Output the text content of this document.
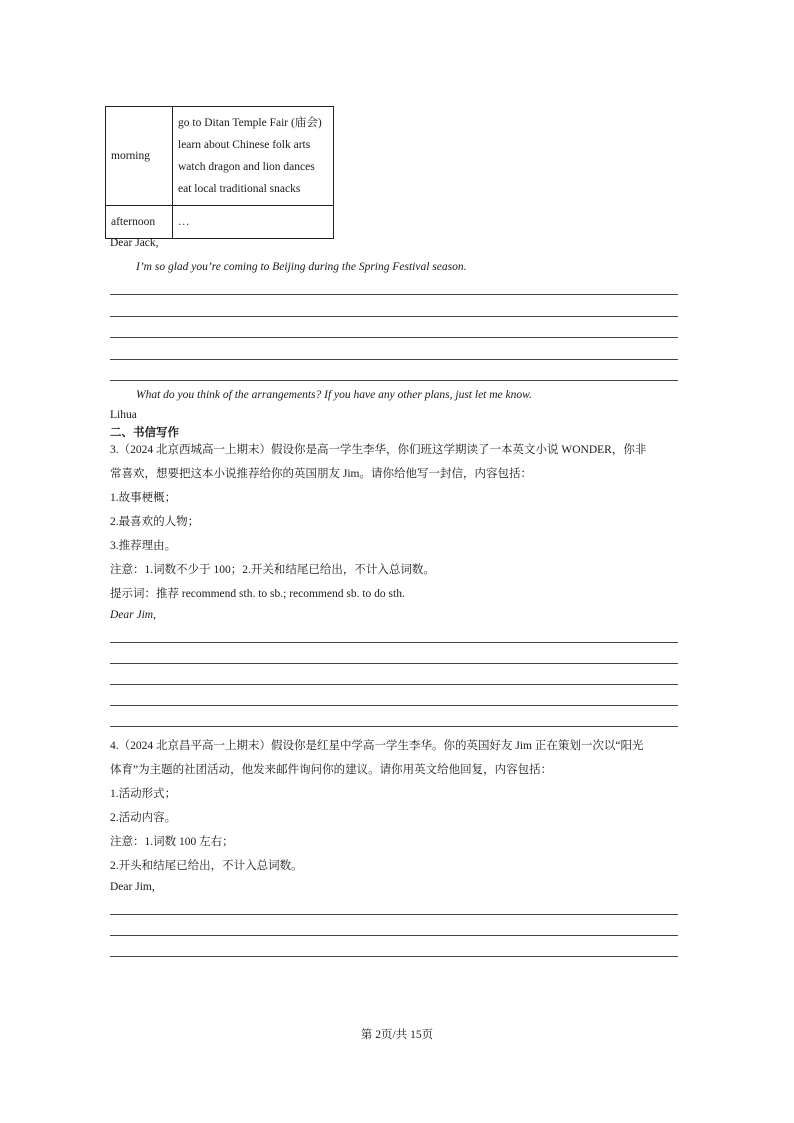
morning	go to Ditan Temple Fair (庙会)
learn about Chinese folk arts
watch dragon and lion dances
eat local traditional snacks

afternoon	…
Dear Jack,
I’m so glad you’re coming to Beijing during the Spring Festival season.
What do you think of the arrangements? If you have any other plans, just let me know.
Lihua
二、书信写作
3.（2024 北京西城高一上期末）假设你是高一学生李华，你们班这学期读了一本英文小说 WONDER，你非
常喜欢，想要把这本小说推荐给你的英国朋友 Jim。请你给他写一封信，内容包括：
1.故事梗概；
2.最喜欢的人物；
3.推荐理由。
注意：1.词数不少于 100；2.开关和结尾已给出，不计入总词数。
提示词：推荐 recommend sth. to sb.; recommend sb. to do sth.
Dear Jim,
4.（2024 北京昌平高一上期末）假设你是红星中学高一学生李华。你的英国好友 Jim 正在策划一次以“阳光
体育”为主题的社团活动，他发来邮件询问你的建议。请你用英文给他回复，内容包括：
1.活动形式；
2.活动内容。
注意：1.词数 100 左右；
2.开头和结尾已给出，不计入总词数。
Dear Jim,
第 2页/共 15页
